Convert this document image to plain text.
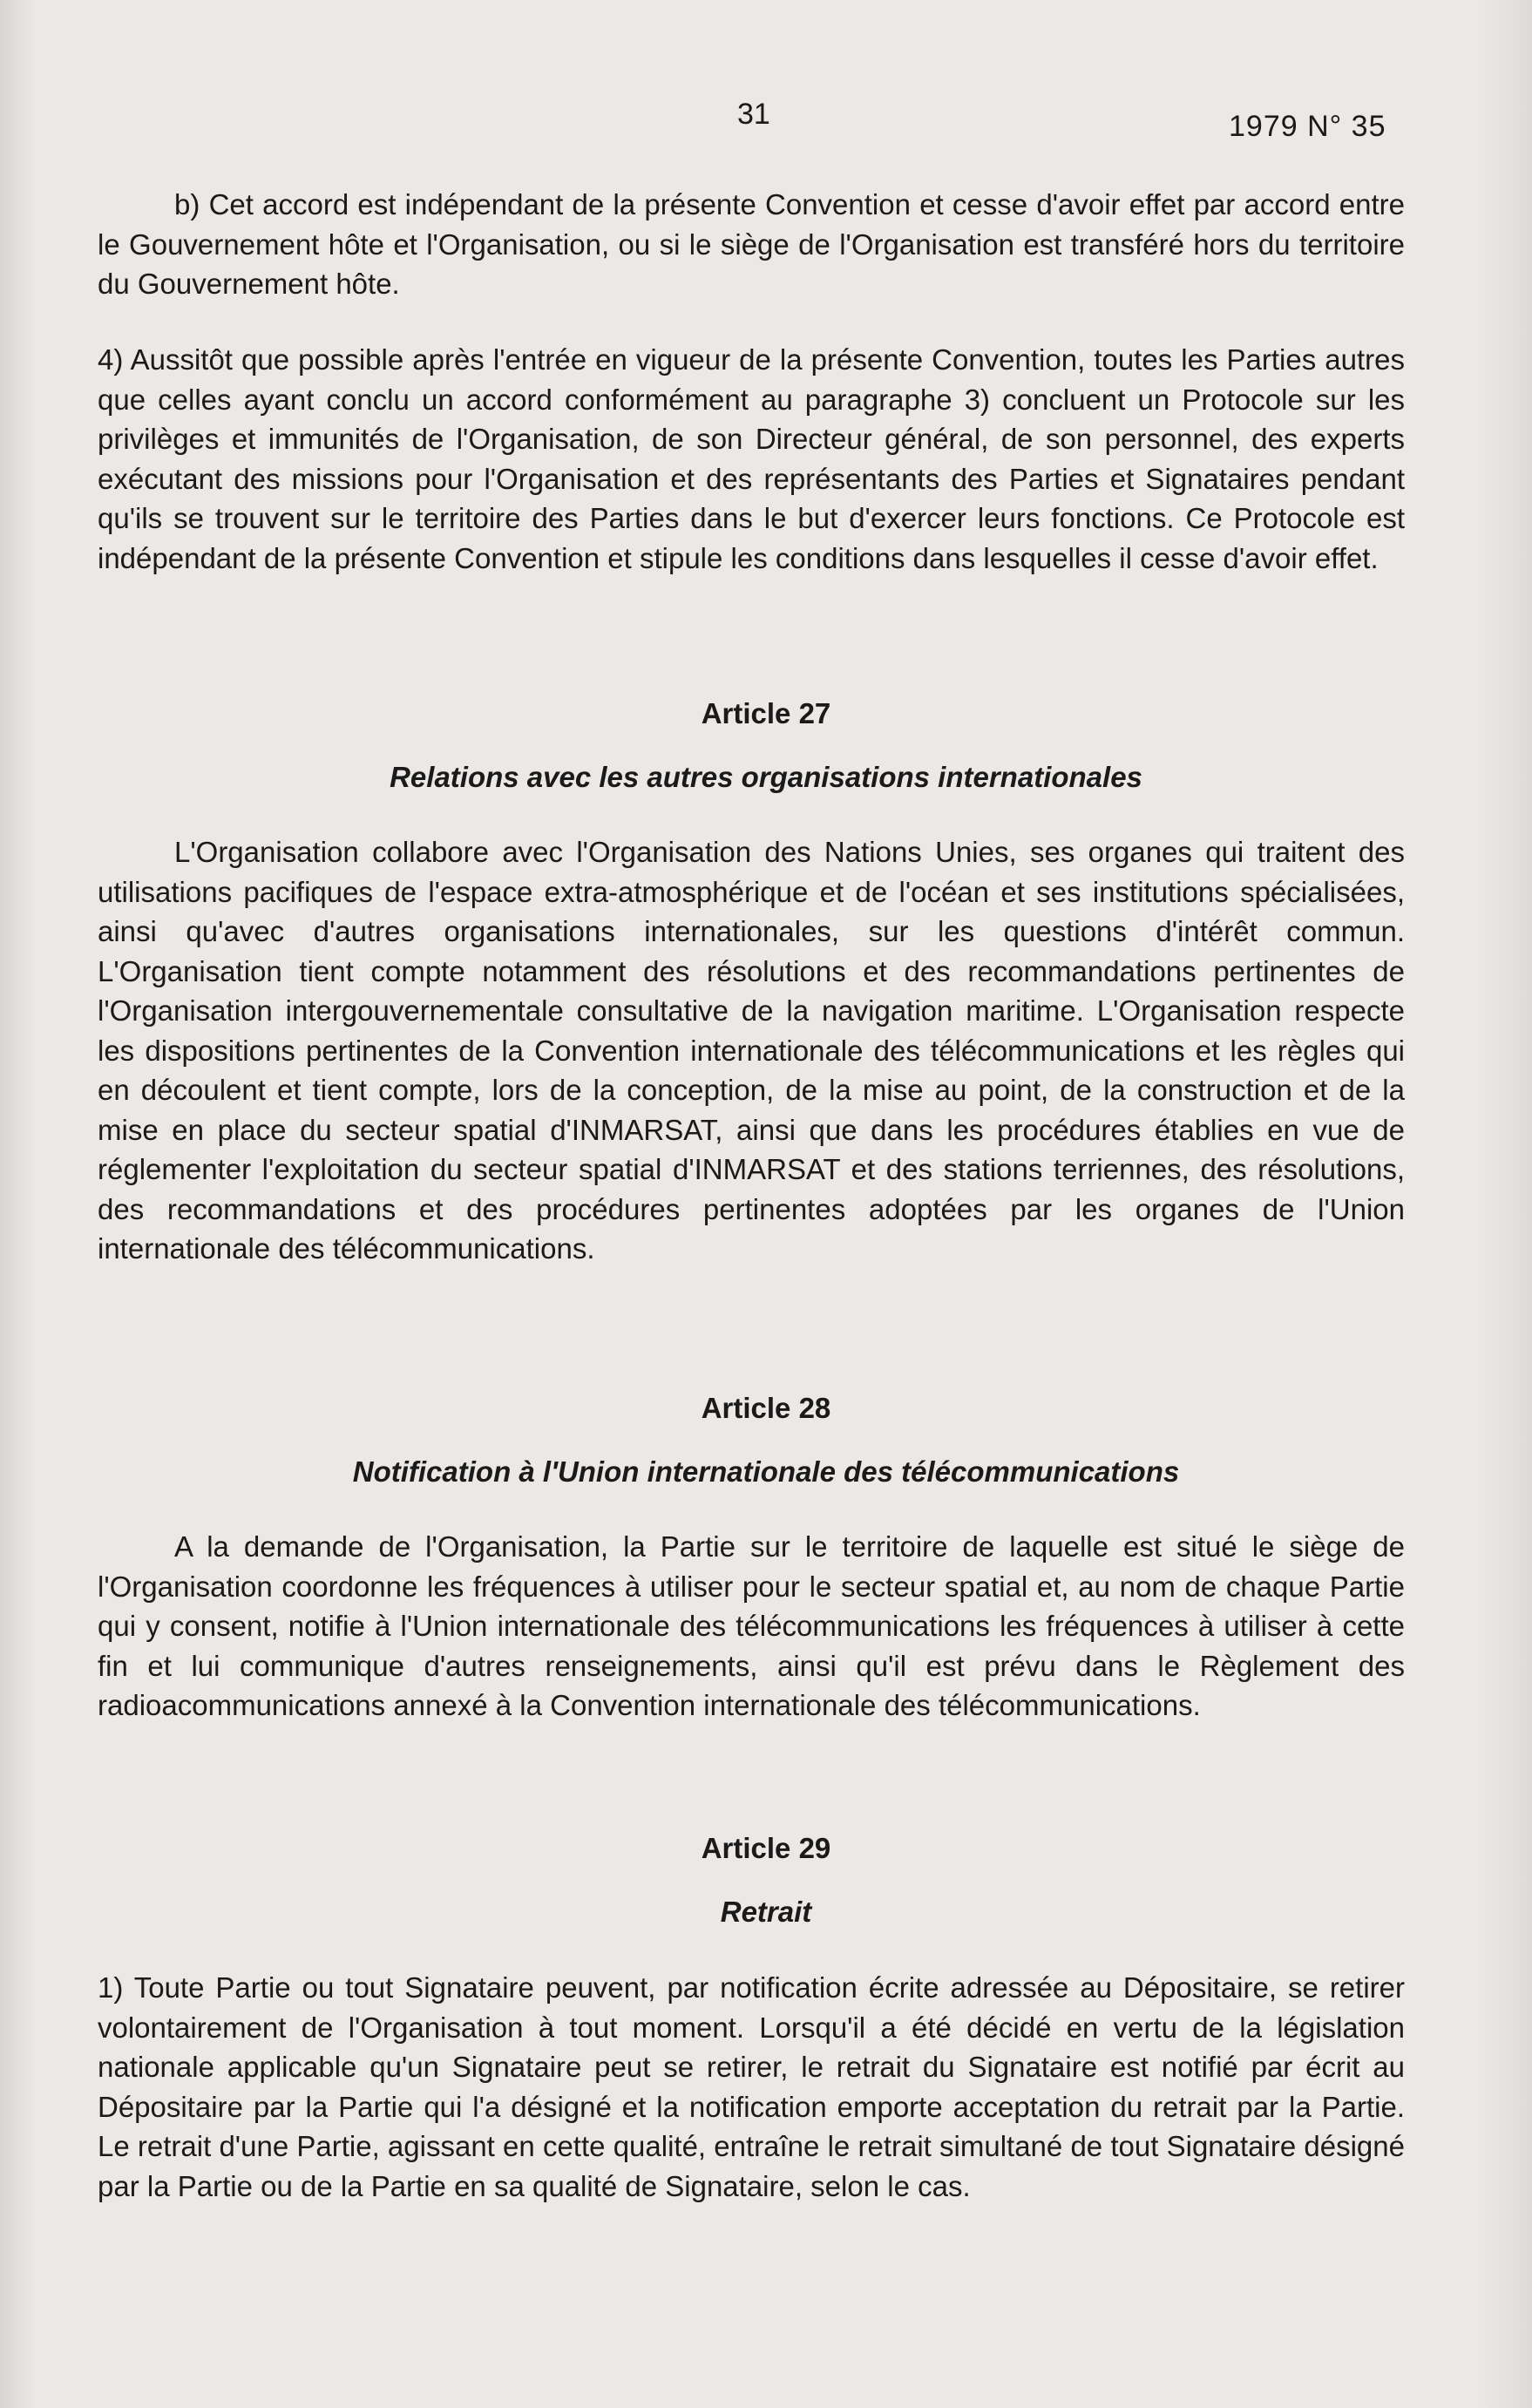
31	1979 N° 35

b) Cet accord est indépendant de la présente Convention et cesse d'avoir effet par accord entre le Gouvernement hôte et l'Organisation, ou si le siège de l'Organisation est transféré hors du territoire du Gouvernement hôte.

4) Aussitôt que possible après l'entrée en vigueur de la présente Convention, toutes les Parties autres que celles ayant conclu un accord conformément au paragraphe 3) concluent un Protocole sur les privilèges et immunités de l'Organisation, de son Directeur général, de son personnel, des experts exécutant des missions pour l'Organisation et des représentants des Parties et Signataires pendant qu'ils se trouvent sur le territoire des Parties dans le but d'exercer leurs fonctions. Ce Protocole est indépendant de la présente Convention et stipule les conditions dans lesquelles il cesse d'avoir effet.

Article 27
Relations avec les autres organisations internationales

L'Organisation collabore avec l'Organisation des Nations Unies, ses organes qui traitent des utilisations pacifiques de l'espace extra-atmosphérique et de l'océan et ses institutions spécialisées, ainsi qu'avec d'autres organisations internationales, sur les questions d'intérêt commun. L'Organisation tient compte notamment des résolutions et des recommandations pertinentes de l'Organisation intergouvernementale consultative de la navigation maritime. L'Organisation respecte les dispositions pertinentes de la Convention internationale des télécommunications et les règles qui en découlent et tient compte, lors de la conception, de la mise au point, de la construction et de la mise en place du secteur spatial d'INMARSAT, ainsi que dans les procédures établies en vue de réglementer l'exploitation du secteur spatial d'INMARSAT et des stations terriennes, des résolutions, des recommandations et des procédures pertinentes adoptées par les organes de l'Union internationale des télécommunications.

Article 28
Notification à l'Union internationale des télécommunications

A la demande de l'Organisation, la Partie sur le territoire de laquelle est situé le siège de l'Organisation coordonne les fréquences à utiliser pour le secteur spatial et, au nom de chaque Partie qui y consent, notifie à l'Union internationale des télécommunications les fréquences à utiliser à cette fin et lui communique d'autres renseignements, ainsi qu'il est prévu dans le Règlement des radioacommunications annexé à la Convention internationale des télécommunications.

Article 29
Retrait

1) Toute Partie ou tout Signataire peuvent, par notification écrite adressée au Dépositaire, se retirer volontairement de l'Organisation à tout moment. Lorsqu'il a été décidé en vertu de la législation nationale applicable qu'un Signataire peut se retirer, le retrait du Signataire est notifié par écrit au Dépositaire par la Partie qui l'a désigné et la notification emporte acceptation du retrait par la Partie. Le retrait d'une Partie, agissant en cette qualité, entraîne le retrait simultané de tout Signataire désigné par la Partie ou de la Partie en sa qualité de Signataire, selon le cas.
